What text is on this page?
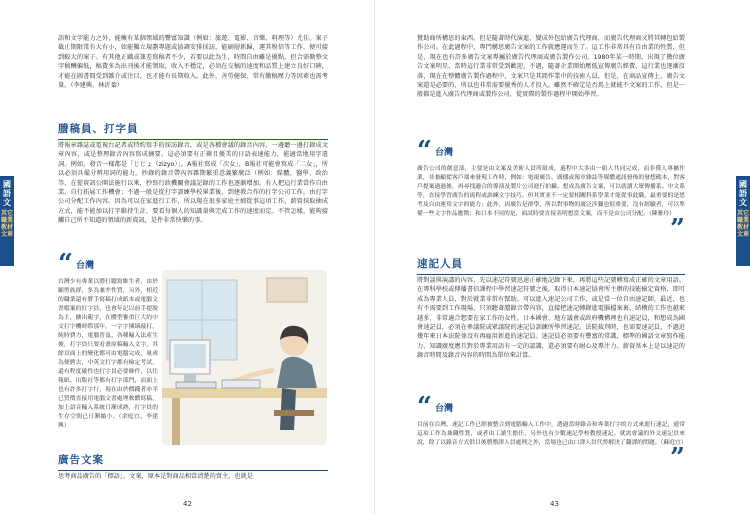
語和文字能力之外，能擁有某個領域的豐富知識（例如：旅遊、電影、音樂、料理等）尤佳。案子截止期限常有大有小，如能獨立規劃專題或協調安排採訪，能刷層新歸，運其稅信等工作，便可接到較大的案子。有其他正職或兼差寫稿者不少，若要以此為生，時間自由雖是優點，但合需勤整文字稿酬偏低，稿費多為出刊後才能領取，收入不穩定，必須在交稿的速度和品質上建立良好口碑，才能在圖書間受到雜介或注目，也才能有長期收入。此外，善勞健保、常有繳稿壓力等因素也需考量。（李建興、林沂蓁）

謄稿員、打字員

將報章雜誌或電視台記者或特約寫手的採訪錄音，或是各種會議的錄音內容，一邊聽一邊打錄成文章內容，或是整理錄音內容寫成摘要。這必須要有正確且優美的日語表達能力，能適當地用字遣詞。例如，發音一樣都是「じじょ（zizyo）」，A報社寫成「次女」，B報社可能會寫成「二女」，所以必須具備分辨用詞的能力。抄錄的錄音帶內容雜期繁重意義繁廣泛（例如：媒體、醫學、政治等，在從資訊公開法施行以來，抄寫行政機關會議記錄的工作也逐漸增加。有人把這行業當作自由業，自行拓展工作機會；不過一般是從打字訓練學校畢業後，到建教合作的打字公司工作，由打字公司分配工作內容。因為可以在家進行工作，所以現在很多家庭主婦從事這項工作，薪資採取抽成方式，能不能加以打字維持生計，要看每個人的知識量與完成工作的速度而定。不管怎樣，能夠接觸自己所不知道的領域的新資訊，是件非常快樂的事。

“ 台灣

台灣少有專業以謄打聽寫維生者，由於顧勞族群，多為兼差性質，另外，相近的職業還有將手寫稿打成紙本或電腦文書檔案的打字員，也會年記以前手提脫為主，擴出範字，在體型審重巨大約中文打字機時際那年，一字字揀繕敲打，純時費力，電腦普及、各種輸入法產生後，打字員只要看畫原稿輸入文字，其餘頁面上的變化都可由電腦完成，量成為便聘去，中英文打字都有檢定考試，還有程度確性也打字員必要條件，以往報紙、出版社等都有打字部門，而面上也有許多打字行，現在由於價錢者亦半已質價直接用電腦文書處理軟體寫稿，加上語音輸入系統日漸成熟，打字員的生存空間已日漸縮小。（余庭宜、李建興）

廣告文案

思考商品廣告的「標語」、文案，原本是對商品相當清楚的賣主，也就是

國語文
其它職業教材文章
42

贊助商所構思的東西。但是隨著時代演進，變成外包給廣告代理商，而廣告代理商又將其轉包給製作公司。在此過程中，專門構思廣告文案的工作就應運而生了。這工作非常具有自由業的性質，但是，現在也有許多廣告文案專屬於廣告代理商或廣告製作公司。1980年某一時期，出現了幾位廣告文案明星，當時這行業非常受到歡迎。不過，隨著企業開始壓低宣傳廣告經費，這行業也逐漸沒落，現在在整體廣告製作過程中，文案只是其間作業中的技術人員，但是，在商品宣傳上，廣告文案還是必要的，所以也非常需要優秀的人才投入。雖然不確定是否馬上就能不文案的工作，但是一般都是進入廣告代理商或製作公司，從實際的製作過程中開始學習。

“ 台灣

廣告公司的創意部，主要是由文案及美術人員所組成，過程中大多由一組人共同完成，而非僅人專屬作業，並兼顧從客戶端來發現工作時，例如：電視廣告、廣播或報章雜誌等媒體通訊發佈的發想碼本，對客戶提案過過後，再尋找適合的導演及製片公司進行拍攝。想成為廣告文案，可以就讀大眾傳播系、中文系等，直接學習廣告的流程或訓練文字技巧，但其實並不一定要相關科系學業才能從事此職，最重要的是思考及自由運用文字的能力；此外，因廣告是群學，所以對事物的廣泛涉獵也很重要，沒有經驗者，可以準備一些文字作品應徵；和日本不同的是，面試時要直接表明想當文案，而不是由公司分配。（陳雅玲）

”
速記人員

將對談與演講的內容，先以速記符號迅速正確地記錄下來，再將這些記號轉寫成正確的文章用語。在專科學校或傳播書信課程中學習速記符號之後，取得日本速記協會所主辦的技能檢定資格，即可成為專業人員，對於就業非常有幫助。可以進入速記公司工作，或是當一位自由速記師，最近，也有不需要到工作現場，只須聽著謄錄音帶內容，直接把速記轉錄進電腦檔案裏、結構的工作也越來越多，非常適合想要在家工作的女性。日本國會、地方議會或政府機構裡也有速記員，和想成為國會速記員，必須在參議院或眾議院的速記員訓練所學習速記。法院裁判時，也需要速記員，不過近幾年來日本法院並沒有再雇用新進的速記員。速記員必須要有豐富的常識，標準的國語文章寫作能力、知識廣度應且對於專業用語有一定的認識，還必須要有耐心及專注力。薪資基本上是以速記的錄音時間及錄音內容的時間為單位來計算。

“ 台灣

目前在台灣，速記工作已經被整合到電腦輸入工作中，透過當時錄音和專業打字的方式來進行速記，通常這項工作為兼職性質，或者由工讀生擔任，另外也有少數速記學校教授速記。就需會議的外文速記員來說，除了以錄音方式供目後謄謄譯人員處理之外，當場也已由口譯人員代勞解決了翻譯的問題。（蘇庭宜）

”
國語文
其它職業教材文章
43
